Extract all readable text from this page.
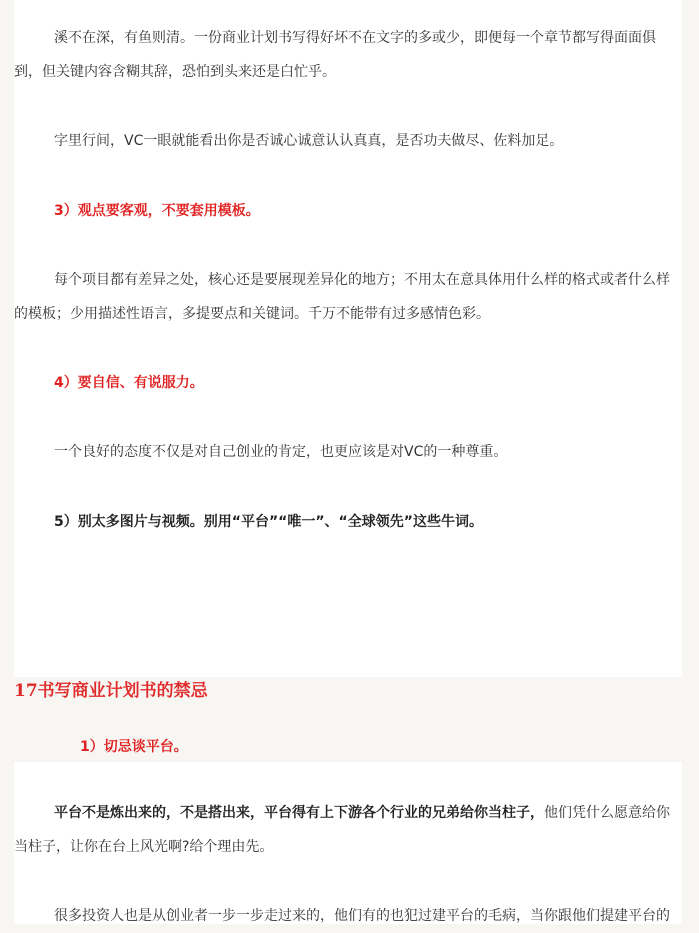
溪不在深，有鱼则清。一份商业计划书写得好坏不在文字的多或少，即便每一个章节都写得面面俱到，但关键内容含糊其辞，恐怕到头来还是白忙乎。

字里行间，VC一眼就能看出你是否诚心诚意认认真真，是否功夫做尽、佐料加足。

3）观点要客观，不要套用模板。

每个项目都有差异之处，核心还是要展现差异化的地方；不用太在意具体用什么样的格式或者什么样的模板；少用描述性语言，多提要点和关键词。千万不能带有过多感情色彩。

4）要自信、有说服力。

一个良好的态度不仅是对自己创业的肯定，也更应该是对VC的一种尊重。

5）别太多图片与视频。别用“平台”“唯一”、“全球领先”这些牛词。

17书写商业计划书的禁忌

1）切忌谈平台。

平台不是炼出来的，不是搭出来，平台得有上下游各个行业的兄弟给你当柱子，他们凭什么愿意给你当柱子，让你在台上风光啊?给个理由先。

很多投资人也是从创业者一步一步走过来的，他们有的也犯过建平台的毛病，当你跟他们提建平台的
